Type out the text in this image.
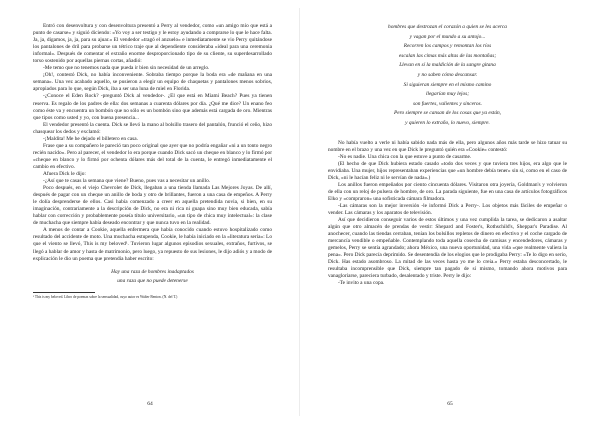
Entró con desenvoltura y con desenvoltura presentó a Perry al vendedor, como «un amigo mío que está a punto de casarse» y siguió diciendo: «Yo voy a ser testigo y le estoy ayudando a comprarse lo que le hace falta. Ja, ja, digamos, ja, ja, para su ajuar.» El vendedor «tragó el anzuelo» e inmediatamente se vio Perry quitándose los pantalones de dril para probarse un tétrico traje que al dependiente consideraba «ideal para una ceremonia informal». Después de comentar el extraño enorme desproporcionado tipo de su cliente, su superdesarrollado torso sostenido por aquellas piernas cortas, añadió:

-Me temo que no tenemos nada que pueda ir bien sin necesidad de un arreglo.

¡Oh!, contestó Dick, no había inconveniente. Sobraba tiempo porque la boda era «de mañana en una semana». Una vez acabado aquello, se pusieron a elegir un equipo de chaquetas y pantalones menos sobrios, apropiados para lo que, según Dick, iba a ser una luna de miel en Florida.

-¿Conoce el Eden Rock? -preguntó Dick al vendedor-. ¿El que está en Miami Beach? Pues ya tienen reserva. Es regalo de los padres de ella: dos semanas a cuarenta dólares por día. ¿Qué me dice? Un enano feo como éste va y encuentra un bombón que no sólo es un bombón sino que además está cargada de oro. Mientras que tipos como usted y yo, con buena presencia...

El vendedor presentó la cuenta. Dick se llevó la mano al bolsillo trasero del pantalón, frunció el ceño, hizo chasquear los dedos y exclamó:

-¡Maldita! Me he dejado el billetero en casa.

Frase que a su compañero le pareció tan poco original que ayer que no podría engañar «ni a un tonto negro recién nacido». Pero al parecer, el vendedor lo era porque cuando Dick sacó un cheque en blanco y lo firmó por «cheque en blanco y lo firmó por ochenta dólares más del total de la cuenta, le entregó inmediatamente el cambio en efectivo.

Afuera Dick le dijo:

-¿Así que te casas la semana que viene? Bueno, pues vas a necesitar un anillo.

Poco después, en el viejo Chevrolet de Dick, llegaban a una tienda llamada Las Mejores Joyas. De allí, después de pagar con un cheque un anillo de boda y otro de brillantes, fueron a una casa de empeños. A Perry le dolía desprenderse de ellos. Casi había comenzado a creer en aquella pretendida novia, si bien, en su imaginación, contrariamente a la descripción de Dick, no era ni rica ni guapa sino muy bien educada, sabía hablar con corrección y probablemente poseía título universitario, «un tipo de chica muy intelectual»: la clase de muchacha que siempre había deseado encontrar y que nunca tuvo en la realidad.

A menos de contar a Cookie, aquella enfermera que había conocido cuando estuvo hospitalizado como resultado del accidente de moto. Una muchacha estupenda, Cookie, le había iniciado en la «literatura seria»: Lo que el viento se llevó, This is my beloved¹. Tuvieron lugar algunos episodios sexuales, extraños, furtivos, se llegó a hablar de amor y hasta de matrimonio, pero luego, ya repuesto de sus lesiones, le dijo adiós y a modo de explicación le dio un poema que pretendía haber escrito:

Hay una raza de hombres inadaptados

una raza que no puede detenerse

¹ This is my beloved. Libro de poemas sobre la sensualidad, cuyo autor es Walter Benton. (N. del T.)

64

hombres que destrozan el corazón a quien se les acerca

y vagan por el mundo a su antojo...

Recorren los campos y remontan los ríos

escalan las cimas más altas de las montañas;

Llevan en sí la maldición de la sangre gitana

y no saben cómo descansar.

Si siguieran siempre en el mismo camino

llegarían muy lejos;

son fuertes, valientes y sinceros.

Pero siempre se cansan de los cosas que ya están,

y quieren lo extraño, lo nuevo, siempre.

No había vuelto a verle ni había sabido nada más de ella, pero algunos años más tarde se hizo tatuar su nombre en el brazo y una vez en que Dick le preguntó quién era «Cookie» contestó:

-No es nadie. Una chica con la que estuve a punto de casarme.

(El hecho de que Dick hubiera estado casado «todo dos veces y que tuviera tres hijos, era algo que le envidiaba. Una mujer, hijos representaban experiencias que «un hombre debía tener» sin si, como en el caso de Dick, «ni le hacían feliz ni le servían de nada».)

Los anillos fueron empeñados por ciento cincuenta dólares. Visitaron otra joyería, Goldman's y volvieron de ella con un reloj de pulsera de hombre, de oro. La parada siguiente, fue en una casa de artículos fotográficos Elko y «compraron» una sofisticada cámara filmadora.

-Las cámaras son la mejor inversión -le informó Dick a Perry-. Los objetos más fáciles de empeñar o vender. Las cámaras y los aparatos de televisión.

Así que decidieron conseguir varios de estos últimos y una vez cumplida la tarea, se dedicaron a asaltar algún que otro almacén de prendas de vestir: Shepard and Foster's, Rothschild's, Sheppar's Paradise. Al anochecer, cuando las tiendas cerraban, tenían los bolsillos repletos de dinero en efectivo y el coche cargado de mercancía vendible o empeñable. Contemplando toda aquella cosecha de camisas y encendedores, cámaras y gemelos, Perry se sentía agrandado; ahora México, una nueva oportunidad, una vida «que realmente valiera la pena». Pero Dick parecía deprimido. Se desentendía de los elogios que le prodigaba Perry: «Te lo digo en serio, Dick. Has estado asombroso. La mitad de las veces hasta yo me lo creía.» Perry estaba desconcertado, le resultaba incomprensible que Dick, siempre tan pagado de sí mismo, tomando ahora motivos para vanagloriarse, pareciera turbado, desalentado y triste. Perry le dijo:

-Te invito a una copa.

65
